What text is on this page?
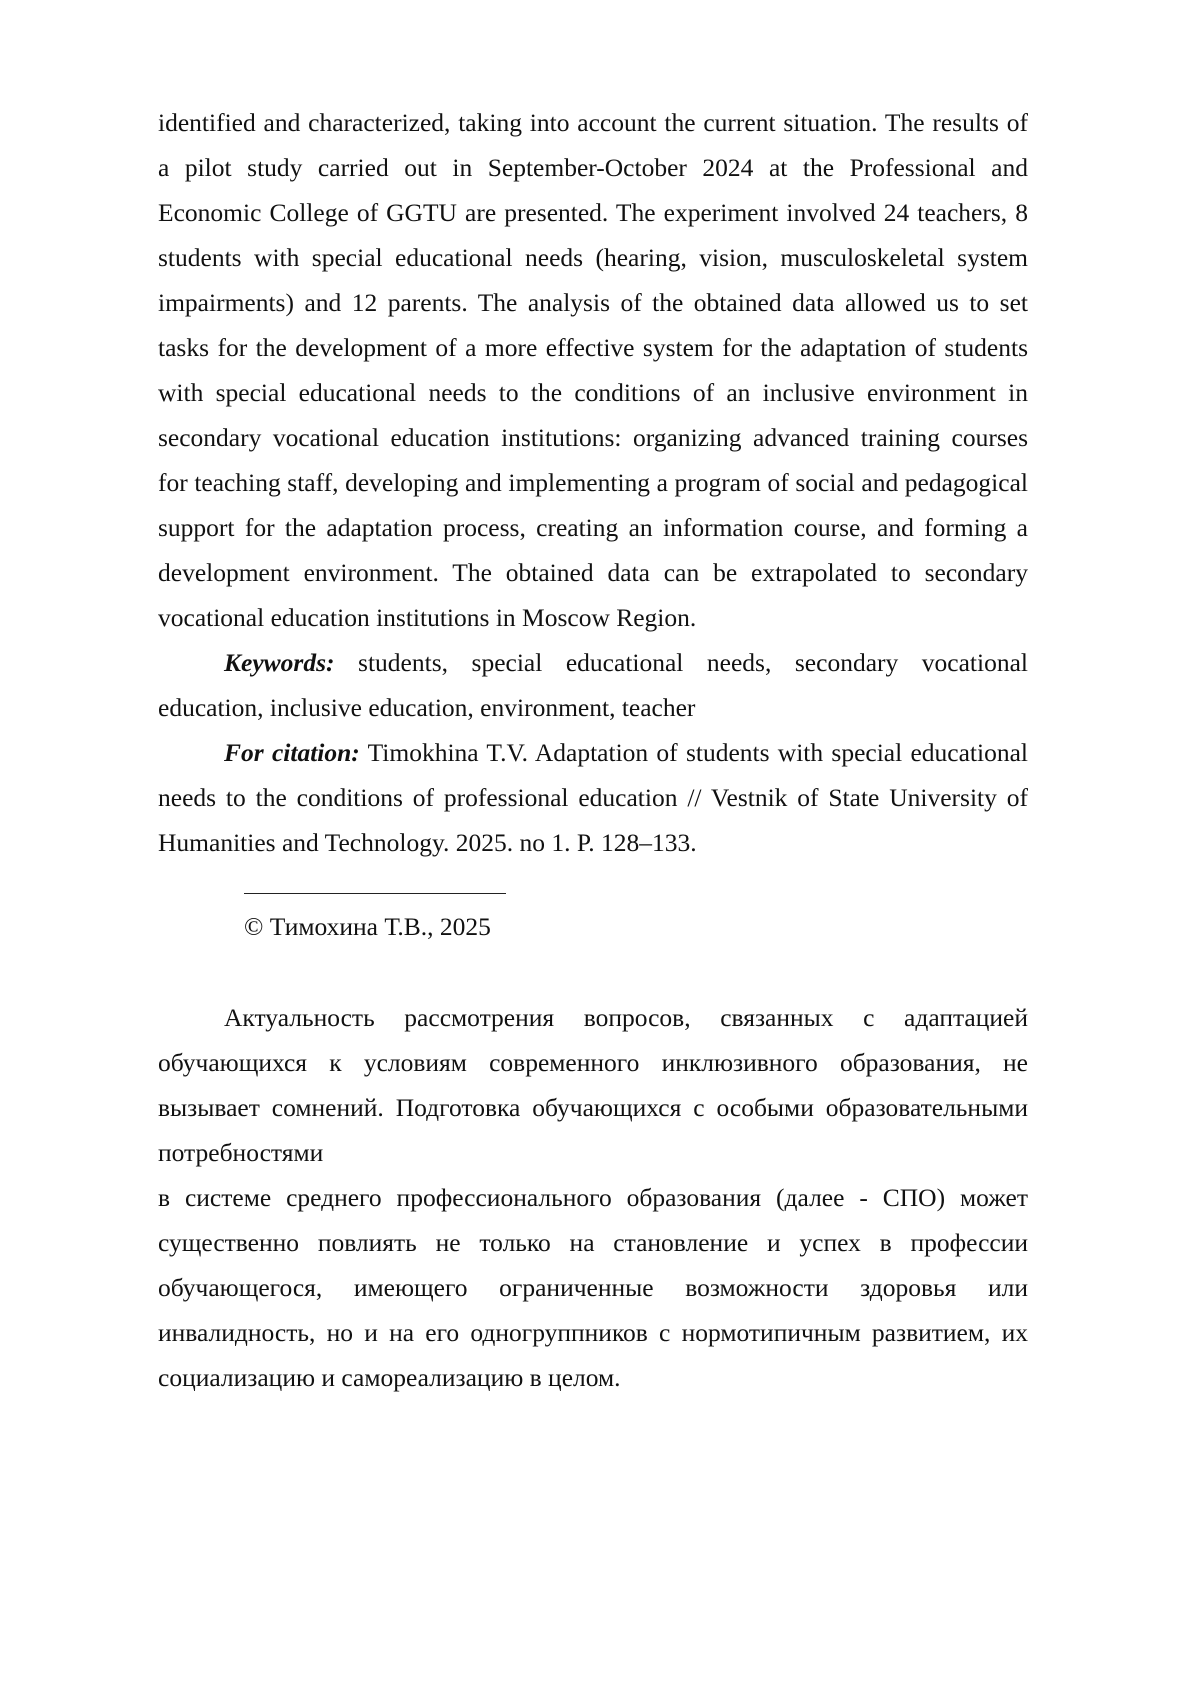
identified and characterized, taking into account the current situation. The results of a pilot study carried out in September-October 2024 at the Professional and Economic College of GGTU are presented. The experiment involved 24 teachers, 8 students with special educational needs (hearing, vision, musculoskeletal system impairments) and 12 parents. The analysis of the obtained data allowed us to set tasks for the development of a more effective system for the adaptation of students with special educational needs to the conditions of an inclusive environment in secondary vocational education institutions: organizing advanced training courses for teaching staff, developing and implementing a program of social and pedagogical support for the adaptation process, creating an information course, and forming a development environment. The obtained data can be extrapolated to secondary vocational education institutions in Moscow Region.

Keywords: students, special educational needs, secondary vocational education, inclusive education, environment, teacher

For citation: Timokhina T.V. Adaptation of students with special educational needs to the conditions of professional education // Vestnik of State University of Humanities and Technology. 2025. no 1. P. 128–133.

© Тимохина Т.В., 2025

Актуальность рассмотрения вопросов, связанных с адаптацией обучающихся к условиям современного инклюзивного образования, не вызывает сомнений. Подготовка обучающихся с особыми образовательными потребностями

в системе среднего профессионального образования (далее - СПО) может существенно повлиять не только на становление и успех в профессии обучающегося, имеющего ограниченные возможности здоровья или инвалидность, но и на его одногруппников с нормотипичным развитием, их социализацию и самореализацию в целом.
